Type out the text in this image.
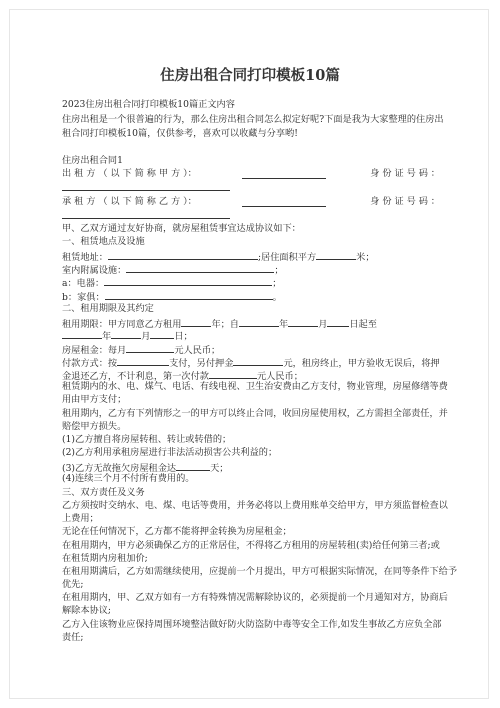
住房出租合同打印模板10篇
2023住房出租合同打印模板10篇正文内容
住房出租是一个很普遍的行为，那么住房出租合同怎么拟定好呢?下面是我为大家整理的住房出
租合同打印模板10篇，仅供参考，喜欢可以收藏与分享哟!
住房出租合同1
出 租 方 （ 以 下 简 称 甲 方 ）：	身 份 证 号 码 ：
承 租 方 （ 以 下 简 称 乙 方 ）：	身 份 证 号 码 ：
甲、乙双方通过友好协商，就房屋租赁事宜达成协议如下：
一、租赁地点及设施
租赁地址：	;居住面积平方	米；
室内附属设施：	；
a：电器：	；
b：家俱：	。
二、租用期限及其约定
租用期限：甲方同意乙方租用	年；自	年	月 日起至
年	月	日；
房屋租金：每月	元人民币；
付款方式：按	支付，另付押金	元，租房终止，甲方验收无误后，将押
金退还乙方，不计利息，第一次付款	元人民币；
租赁期内的水、电、煤气、电话、有线电视、卫生治安费由乙方支付，物业管理，房屋修缮等费
用由甲方支付；
租用期内，乙方有下列情形之一的甲方可以终止合同，收回房屋使用权，乙方需担全部责任，并
赔偿甲方损失。
(1)乙方擅自将房屋转租、转让或转借的；
(2)乙方利用承租房屋进行非法活动损害公共利益的；
(3)乙方无故拖欠房屋租金达	天；
(4)连续三个月不付所有费用的。
三、双方责任及义务
乙方须按时交纳水、电、煤、电话等费用，并务必将以上费用账单交给甲方，甲方须监督检查以
上费用；
无论在任何情况下，乙方都不能将押金转换为房屋租金；
在租用期内，甲方必须确保乙方的正常居住，不得将乙方租用的房屋转租(卖)给任何第三者;或
在租赁期内房租加价;
在租用期满后，乙方如需继续使用，应提前一个月提出，甲方可根据实际情况，在同等条件下给予
优先;
在租用期内，甲、乙双方如有一方有特殊情况需解除协议的，必须提前一个月通知对方，协商后
解除本协议;
乙方入住该物业应保持周围环境整洁做好防火防盗防中毒等安全工作,如发生事故乙方应负全部
责任;
